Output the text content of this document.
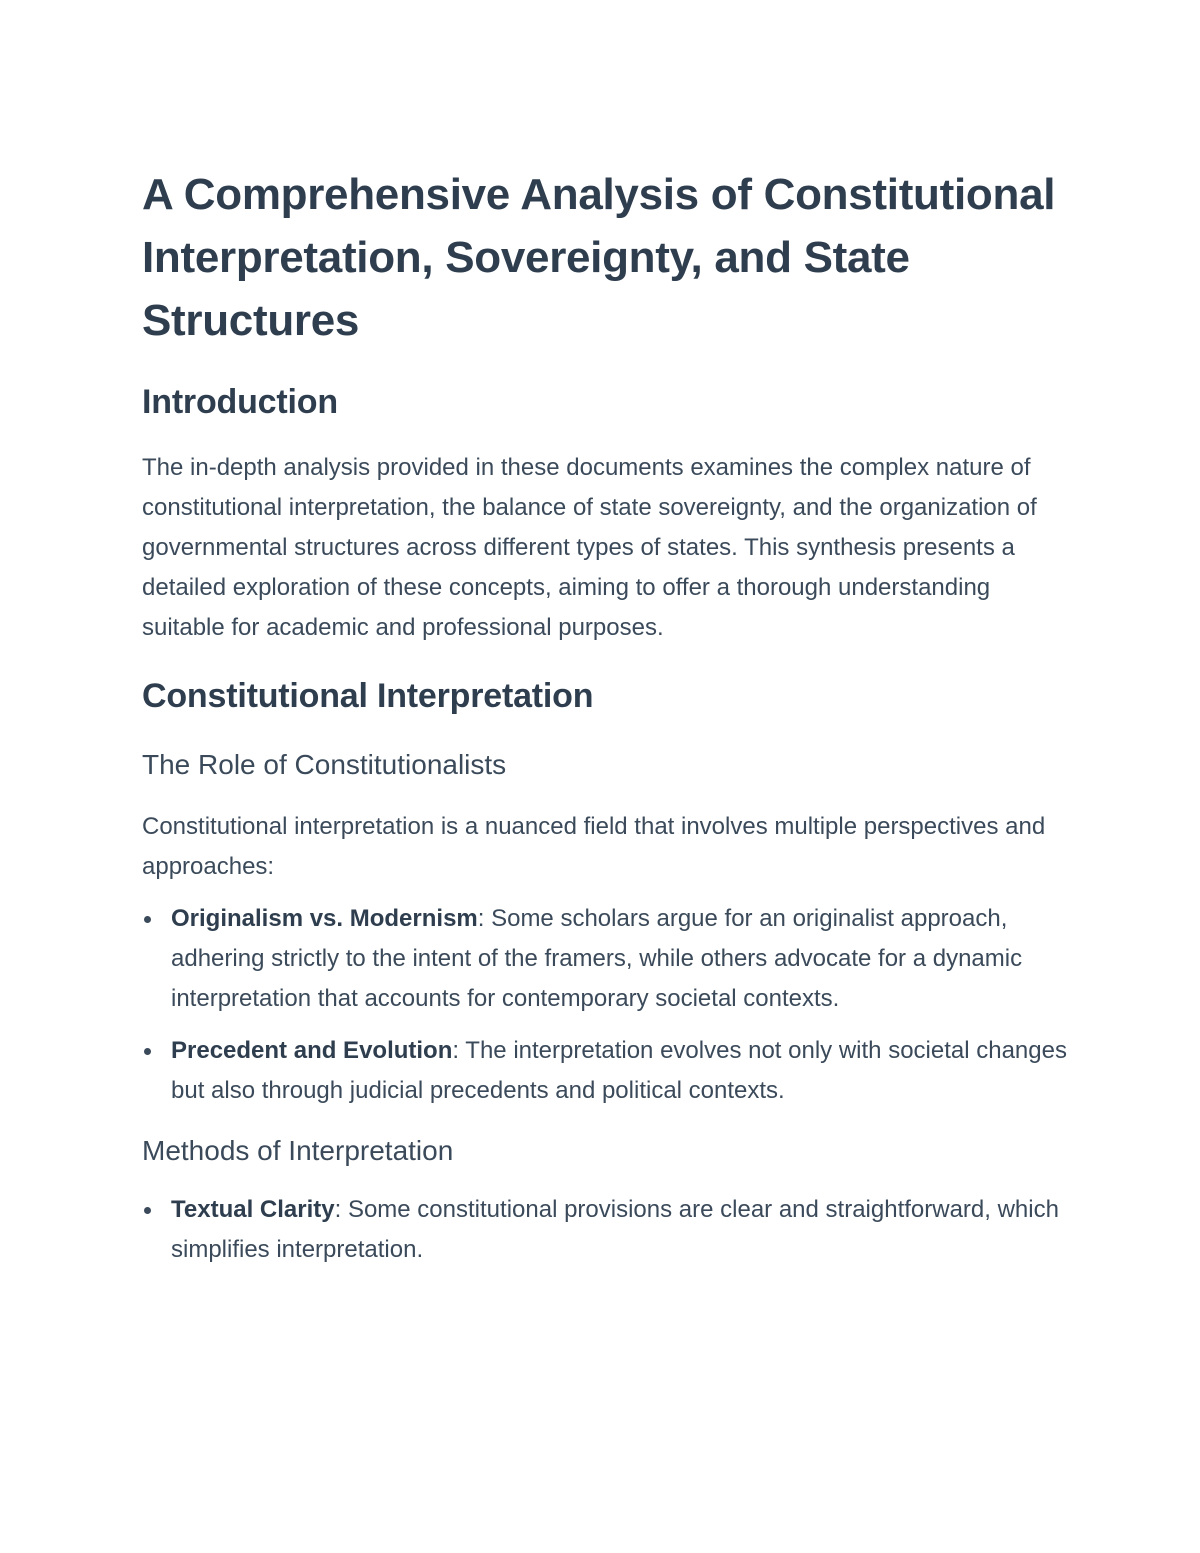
A Comprehensive Analysis of Constitutional Interpretation, Sovereignty, and State Structures
Introduction

The in-depth analysis provided in these documents examines the complex nature of constitutional interpretation, the balance of state sovereignty, and the organization of governmental structures across different types of states. This synthesis presents a detailed exploration of these concepts, aiming to offer a thorough understanding suitable for academic and professional purposes.

Constitutional Interpretation
The Role of Constitutionalists

Constitutional interpretation is a nuanced field that involves multiple perspectives and approaches:

Originalism vs. Modernism: Some scholars argue for an originalist approach, adhering strictly to the intent of the framers, while others advocate for a dynamic interpretation that accounts for contemporary societal contexts.
Precedent and Evolution: The interpretation evolves not only with societal changes but also through judicial precedents and political contexts.
Methods of Interpretation
Textual Clarity: Some constitutional provisions are clear and straightforward, which simplifies interpretation.
